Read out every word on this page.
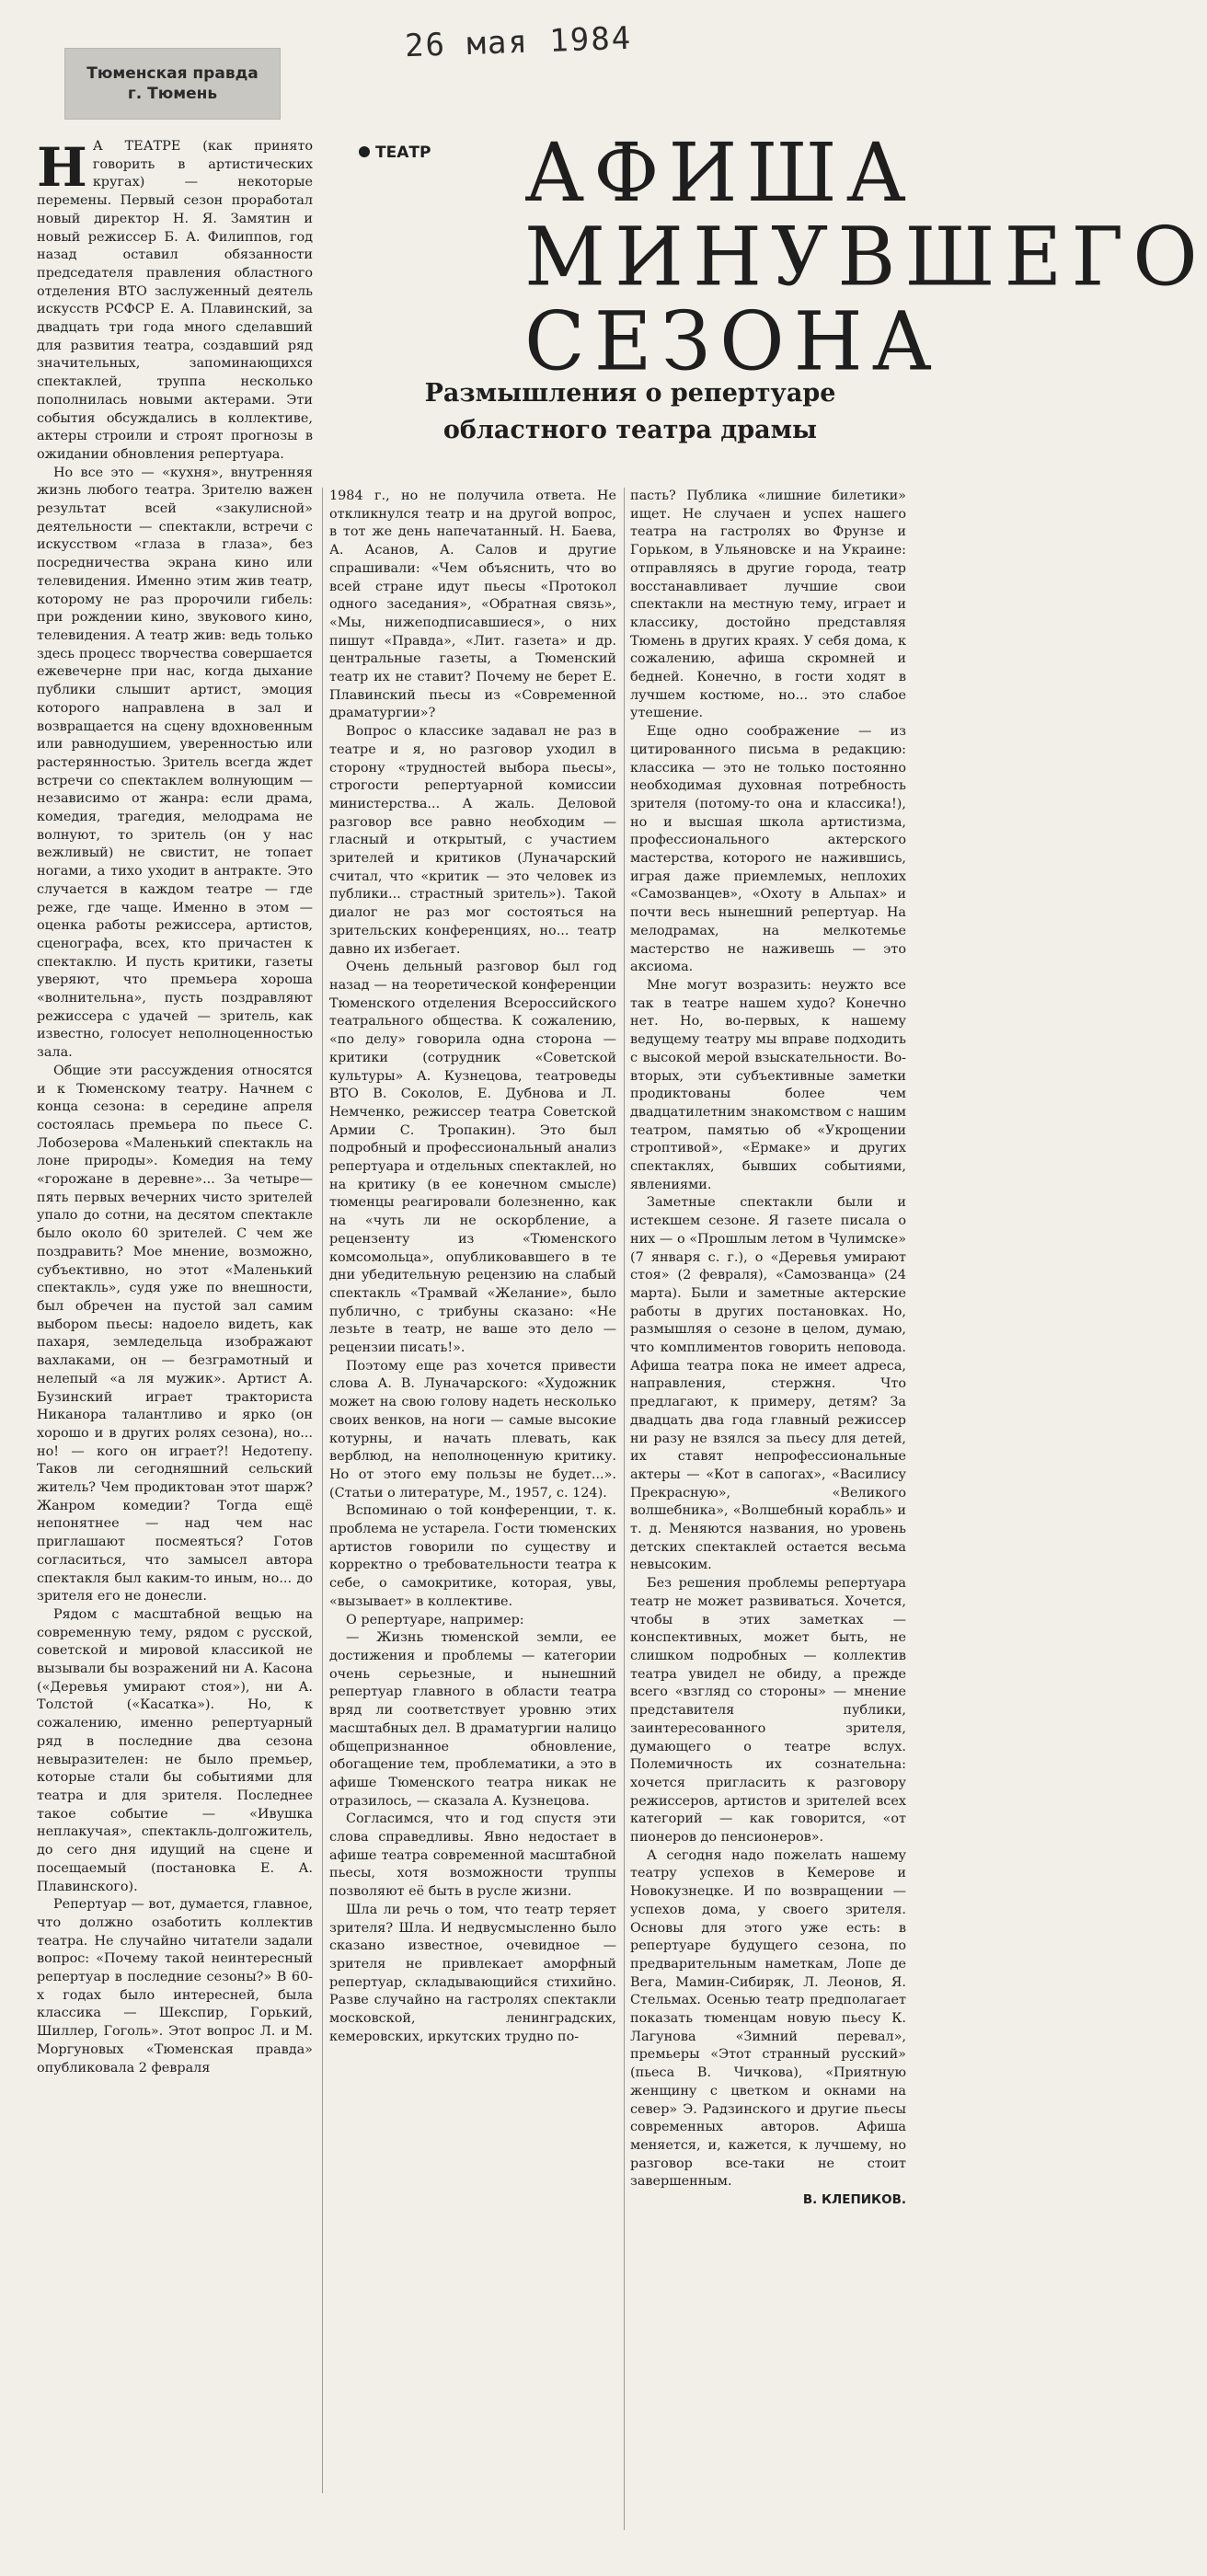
Тюменская правда
г. Тюмень
26 мая 1984
ТЕАТР АФИША
МИНУВШЕГО
СЕЗОНА
Размышления о репертуаре
областного театра драмы

Н А ТЕАТРЕ (как принято говорить в артистических кругах) — некоторые перемены. Первый сезон проработал новый директор Н. Я. Замятин и новый режиссер Б. А. Филиппов, год назад оставил обязанности председателя правления областного отделения ВТО заслуженный деятель искусств РСФСР Е. А. Плавинский, за двадцать три года много сделавший для развития театра, создавший ряд значительных, запоминающихся спектаклей, труппа несколько пополнилась новыми актерами. Эти события обсуждались в коллективе, актеры строили и строят прогнозы в ожидании обновления репертуара.

Но все это — «кухня», внутренняя жизнь любого театра. Зрителю важен результат всей «закулисной» деятельности — спектакли, встречи с искусством «глаза в глаза», без посредничества экрана кино или телевидения. Именно этим жив театр, которому не раз пророчили гибель: при рождении кино, звукового кино, телевидения. А театр жив: ведь только здесь процесс творчества совершается ежевечерне при нас, когда дыхание публики слышит артист, эмоция которого направлена в зал и возвращается на сцену вдохновенным или равнодушием, уверенностью или растерянностью. Зритель всегда ждет встречи со спектаклем волнующим — независимо от жанра: если драма, комедия, трагедия, мелодрама не волнуют, то зритель (он у нас вежливый) не свистит, не топает ногами, а тихо уходит в антракте. Это случается в каждом театре — где реже, где чаще. Именно в этом — оценка работы режиссера, артистов, сценографа, всех, кто причастен к спектаклю. И пусть критики, газеты уверяют, что премьера хороша «волнительна», пусть поздравляют режиссера с удачей — зритель, как известно, голосует неполноценностью зала.

Общие эти рассуждения относятся и к Тюменскому театру. Начнем с конца сезона: в середине апреля состоялась премьера по пьесе С. Лобозерова «Маленький спектакль на лоне природы». Комедия на тему «горожане в деревне»... За четыре—пять первых вечерних чисто зрителей упало до сотни, на десятом спектакле было около 60 зрителей. С чем же поздравить? Мое мнение, возможно, субъективно, но этот «Маленький спектакль», судя уже по внешности, был обречен на пустой зал самим выбором пьесы: надоело видеть, как пахаря, земледельца изображают вахлаками, он — безграмотный и нелепый «а ля мужик». Артист А. Бузинский играет тракториста Никанора талантливо и ярко (он хорошо и в других ролях сезона), но... но! — кого он играет?! Недотепу. Таков ли сегодняшний сельский житель? Чем продиктован этот шарж? Жанром комедии? Тогда ещё непонятнее — над чем нас приглашают посмеяться? Готов согласиться, что замысел автора спектакля был каким-то иным, но... до зрителя его не донесли.

Рядом с масштабной вещью на современную тему, рядом с русской, советской и мировой классикой не вызывали бы возражений ни А. Касона («Деревья умирают стоя»), ни А. Толстой («Касатка»). Но, к сожалению, именно репертуарный ряд в последние два сезона невыразителен: не было премьер, которые стали бы событиями для театра и для зрителя. Последнее такое событие — «Ивушка неплакучая», спектакль-долгожитель, до сего дня идущий на сцене и посещаемый (постановка Е. А. Плавинского).

Репертуар — вот, думается, главное, что должно озаботить коллектив театра. Не случайно читатели задали вопрос: «Почему такой неинтересный репертуар в последние сезоны?» В 60-х годах было интересней, была классика — Шекспир, Горький, Шиллер, Гоголь». Этот вопрос Л. и М. Моргуновых «Тюменская правда» опубликовала 2 февраля

1984 г., но не получила ответа. Не откликнулся театр и на другой вопрос, в тот же день напечатанный. Н. Баева, А. Асанов, А. Салов и другие спрашивали: «Чем объяснить, что во всей стране идут пьесы «Протокол одного заседания», «Обратная связь», «Мы, нижеподписавшиеся», о них пишут «Правда», «Лит. газета» и др. центральные газеты, а Тюменский театр их не ставит? Почему не берет Е. Плавинский пьесы из «Современной драматургии»?

Вопрос о классике задавал не раз в театре и я, но разговор уходил в сторону «трудностей выбора пьесы», строгости репертуарной комиссии министерства... А жаль. Деловой разговор все равно необходим — гласный и открытый, с участием зрителей и критиков (Луначарский считал, что «критик — это человек из публики... страстный зритель»). Такой диалог не раз мог состояться на зрительских конференциях, но... театр давно их избегает.

Очень дельный разговор был год назад — на теоретической конференции Тюменского отделения Всероссийского театрального общества. К сожалению, «по делу» говорила одна сторона — критики (сотрудник «Советской культуры» А. Кузнецова, театроведы ВТО В. Соколов, Е. Дубнова и Л. Немченко, режиссер театра Советской Армии С. Тропакин). Это был подробный и профессиональный анализ репертуара и отдельных спектаклей, но на критику (в ее конечном смысле) тюменцы реагировали болезненно, как на «чуть ли не оскорбление, а рецензенту из «Тюменского комсомольца», опубликовавшего в те дни убедительную рецензию на слабый спектакль «Трамвай «Желание», было публично, с трибуны сказано: «Не лезьте в театр, не ваше это дело — рецензии писать!».

Поэтому еще раз хочется привести слова А. В. Луначарского: «Художник может на свою голову надеть несколько своих венков, на ноги — самые высокие котурны, и начать плевать, как верблюд, на неполноценную критику. Но от этого ему пользы не будет...». (Статьи о литературе, М., 1957, с. 124).

Вспоминаю о той конференции, т. к. проблема не устарела. Гости тюменских артистов говорили по существу и корректно о требовательности театра к себе, о самокритике, которая, увы, «вызывает» в коллективе.

О репертуаре, например:

— Жизнь тюменской земли, ее достижения и проблемы — категории очень серьезные, и нынешний репертуар главного в области театра вряд ли соответствует уровню этих масштабных дел. В драматургии налицо общепризнанное обновление, обогащение тем, проблематики, а это в афише Тюменского театра никак не отразилось, — сказала А. Кузнецова.

Согласимся, что и год спустя эти слова справедливы. Явно недостает в афише театра современной масштабной пьесы, хотя возможности труппы позволяют её быть в русле жизни.

Шла ли речь о том, что театр теряет зрителя? Шла. И недвусмысленно было сказано известное, очевидное — зрителя не привлекает аморфный репертуар, складывающийся стихийно. Разве случайно на гастролях спектакли московской, ленинградских, кемеровских, иркутских трудно по-

пасть? Публика «лишние билетики» ищет. Не случаен и успех нашего театра на гастролях во Фрунзе и Горьком, в Ульяновске и на Украине: отправляясь в другие города, театр восстанавливает лучшие свои спектакли на местную тему, играет и классику, достойно представляя Тюмень в других краях. У себя дома, к сожалению, афиша скромней и бедней. Конечно, в гости ходят в лучшем костюме, но... это слабое утешение.

Еще одно соображение — из цитированного письма в редакцию: классика — это не только постоянно необходимая духовная потребность зрителя (потому-то она и классика!), но и высшая школа артистизма, профессионального актерского мастерства, которого не нажившись, играя даже приемлемых, неплохих «Самозванцев», «Охоту в Альпах» и почти весь нынешний репертуар. На мелодрамах, на мелкотемье мастерство не наживешь — это аксиома.

Мне могут возразить: неужто все так в театре нашем худо? Конечно нет. Но, во-первых, к нашему ведущему театру мы вправе подходить с высокой мерой взыскательности. Во-вторых, эти субъективные заметки продиктованы более чем двадцатилетним знакомством с нашим театром, памятью об «Укрощении строптивой», «Ермаке» и других спектаклях, бывших событиями, явлениями.

Заметные спектакли были и истекшем сезоне. Я газете писала о них — о «Прошлым летом в Чулимске» (7 января с. г.), о «Деревья умирают стоя» (2 февраля), «Самозванца» (24 марта). Были и заметные актерские работы в других постановках. Но, размышляя о сезоне в целом, думаю, что комплиментов говорить неповода. Афиша театра пока не имеет адреса, направления, стержня. Что предлагают, к примеру, детям? За двадцать два года главный режиссер ни разу не взялся за пьесу для детей, их ставят непрофессиональные актеры — «Кот в сапогах», «Василису Прекрасную», «Великого волшебника», «Волшебный корабль» и т. д. Меняются названия, но уровень детских спектаклей остается весьма невысоким.

Без решения проблемы репертуара театр не может развиваться. Хочется, чтобы в этих заметках — конспективных, может быть, не слишком подробных — коллектив театра увидел не обиду, а прежде всего «взгляд со стороны» — мнение представителя публики, заинтересованного зрителя, думающего о театре вслух. Полемичность их сознательна: хочется пригласить к разговору режиссеров, артистов и зрителей всех категорий — как говорится, «от пионеров до пенсионеров».

А сегодня надо пожелать нашему театру успехов в Кемерове и Новокузнецке. И по возвращении — успехов дома, у своего зрителя. Основы для этого уже есть: в репертуаре будущего сезона, по предварительным наметкам, Лопе де Вега, Мамин-Сибиряк, Л. Леонов, Я. Стельмах. Осенью театр предполагает показать тюменцам новую пьесу К. Лагунова «Зимний перевал», премьеры «Этот странный русский» (пьеса В. Чичкова), «Приятную женщину с цветком и окнами на север» Э. Радзинского и другие пьесы современных авторов. Афиша меняется, и, кажется, к лучшему, но разговор все-таки не стоит завершенным.

В. КЛЕПИКОВ.
